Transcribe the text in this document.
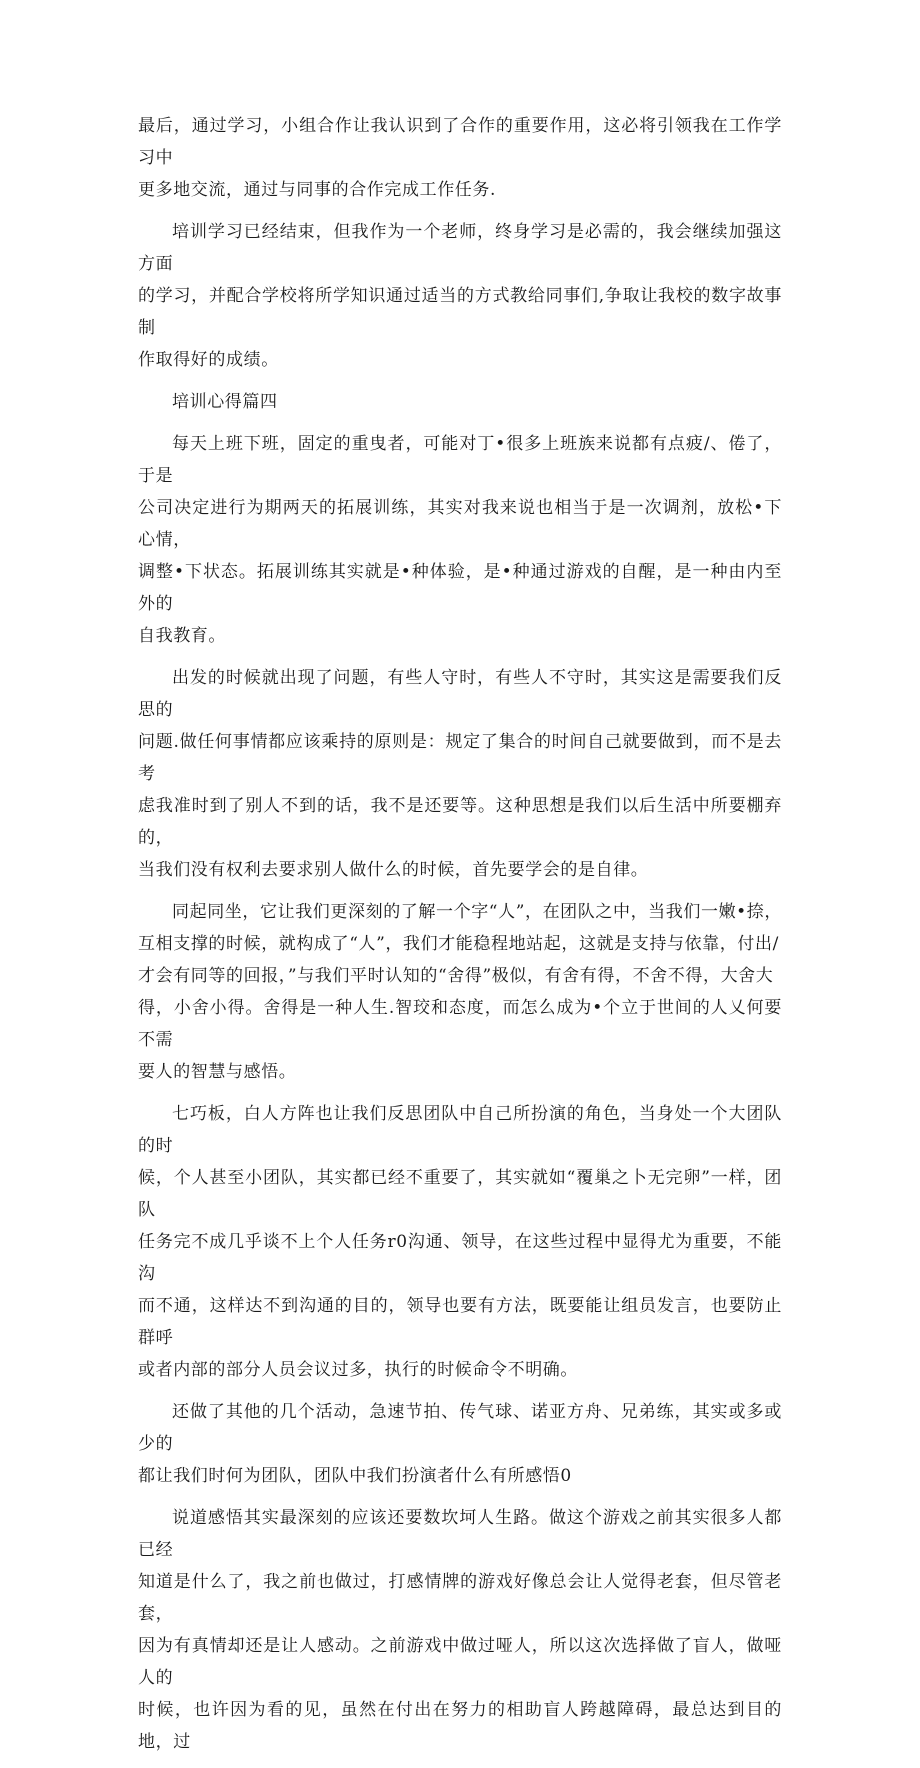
最后，通过学习，小组合作让我认识到了合作的重要作用，这必将引领我在工作学习中
更多地交流，通过与同事的合作完成工作任务.

培训学习已经结束，但我作为一个老师，终身学习是必需的，我会继续加强这方面
的学习，并配合学校将所学知识通过适当的方式教给同事们,争取让我校的数字故事制
作取得好的成绩。

培训心得篇四

每天上班下班，固定的重曳者，可能对丁•很多上班族来说都有点疲/、倦了，于是
公司决定进行为期两天的拓展训练，其实对我来说也相当于是一次调剂，放松•下心情，
调整•下状态。拓展训练其实就是•种体验，是•种通过游戏的自醒，是一种由内至外的
自我教育。

出发的时候就出现了问题，有些人守时，有些人不守时，其实这是需要我们反思的
问题.做任何事情都应该乘持的原则是：规定了集合的时间自己就要做到，而不是去考
虑我准时到了别人不到的话，我不是还要等。这种思想是我们以后生活中所要棚弃的，
当我们没有权利去要求别人做什么的时候，首先要学会的是自律。

同起同坐，它让我们更深刻的了解一个字“人”，在团队之中，当我们一嫩•捺，
互相支撑的时候，就构成了“人”，我们才能稳程地站起，这就是支持与依靠，付出/
才会有同等的回报，”与我们平时认知的“舍得”极似，有舍有得，不舍不得，大舍大
得，小舍小得。舍得是一种人生.智珓和态度，而怎么成为•个立于世间的人乂何要不需
要人的智慧与感悟。

七巧板，白人方阵也让我们反思团队中自己所扮演的角色，当身处一个大团队的时
候，个人甚至小团队，其实都已经不重要了，其实就如“覆巢之卜无完卵”一样，团队
任务完不成几乎谈不上个人任务r0沟通、领导，在这些过程中显得尤为重要，不能沟
而不通，这样达不到沟通的目的，领导也要有方法，既要能让组员发言，也要防止群呼
或者内部的部分人员会议过多，执行的时候命令不明确。

还做了其他的几个活动，急速节拍、传气球、诺亚方舟、兄弟练，其实或多或少的
都让我们时何为团队，团队中我们扮演者什么有所感悟0

说道感悟其实最深刻的应该还要数坎坷人生路。做这个游戏之前其实很多人都已经
知道是什么了，我之前也做过，打感情牌的游戏好像总会让人觉得老套，但尽管老套，
因为有真情却还是让人感动。之前游戏中做过哑人，所以这次选择做了盲人，做哑人的
时候，也许因为看的见，虽然在付出在努力的相助盲人跨越障碍，最总达到目的地，过
